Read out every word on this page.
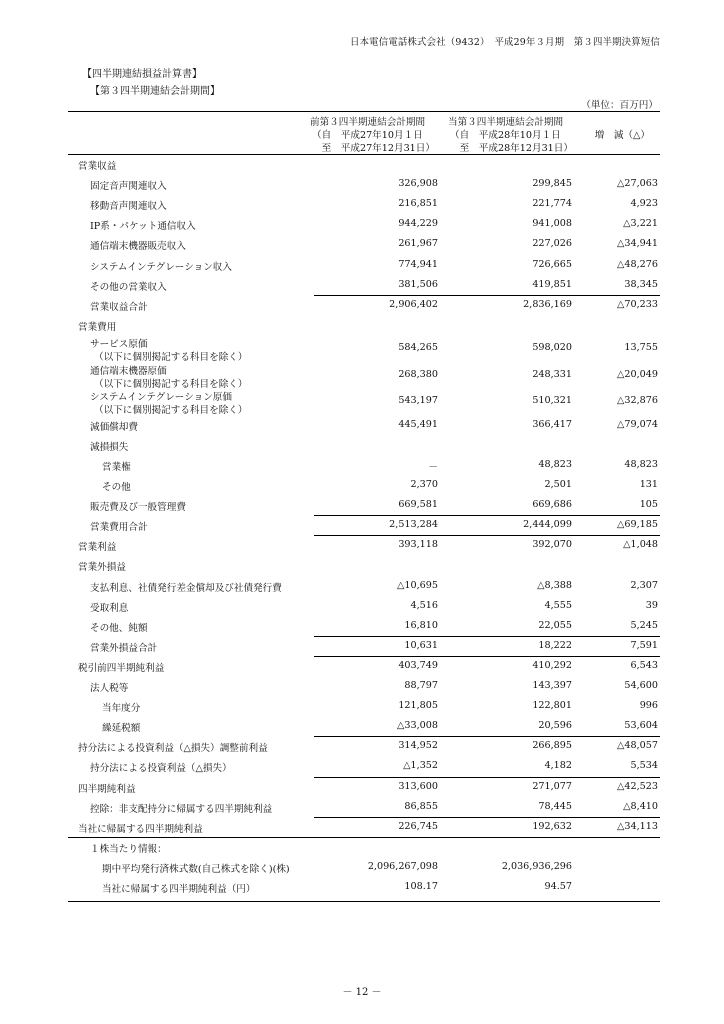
日本電信電話株式会社（9432）　平成29年３月期　第３四半期決算短信
【四半期連結損益計算書】
【第３四半期連結会計期間】
（単位：百万円）
前第３四半期連結会計期間
（自　平成27年10月１日
　至　平成27年12月31日）
当第３四半期連結会計期間
（自　平成28年10月１日
　至　平成28年12月31日）
増　減（△）
営業収益
固定音声関連収入	326,908	299,845	△27,063
移動音声関連収入	216,851	221,774	4,923
IP系・パケット通信収入	944,229	941,008	△3,221
通信端末機器販売収入	261,967	227,026	△34,941
システムインテグレーション収入	774,941	726,665	△48,276
その他の営業収入	381,506	419,851	38,345
営業収益合計	2,906,402	2,836,169	△70,233
営業費用
サービス原価
（以下に個別掲記する科目を除く）
584,265	598,020	13,755
通信端末機器原価
（以下に個別掲記する科目を除く）
268,380	248,331	△20,049
システムインテグレーション原価
（以下に個別掲記する科目を除く）
543,197	510,321	△32,876
減価償却費	445,491	366,417	△79,074
減損損失
営業権	－	48,823	48,823
その他	2,370	2,501	131
販売費及び一般管理費	669,581	669,686	105
営業費用合計	2,513,284	2,444,099	△69,185
営業利益	393,118	392,070	△1,048
営業外損益
支払利息、社債発行差金償却及び社債発行費	△10,695	△8,388	2,307
受取利息	4,516	4,555	39
その他、純額	16,810	22,055	5,245
営業外損益合計	10,631	18,222	7,591
税引前四半期純利益	403,749	410,292	6,543
法人税等	88,797	143,397	54,600
当年度分	121,805	122,801	996
繰延税額	△33,008	20,596	53,604
持分法による投資利益（△損失）調整前利益	314,952	266,895	△48,057
持分法による投資利益（△損失）	△1,352	4,182	5,534
四半期純利益	313,600	271,077	△42,523
控除：非支配持分に帰属する四半期純利益	86,855	78,445	△8,410
当社に帰属する四半期純利益	226,745	192,632	△34,113
１株当たり情報：
期中平均発行済株式数(自己株式を除く)(株)	2,096,267,098	2,036,936,296
当社に帰属する四半期純利益（円）	108.17	94.57
－ 12 －
